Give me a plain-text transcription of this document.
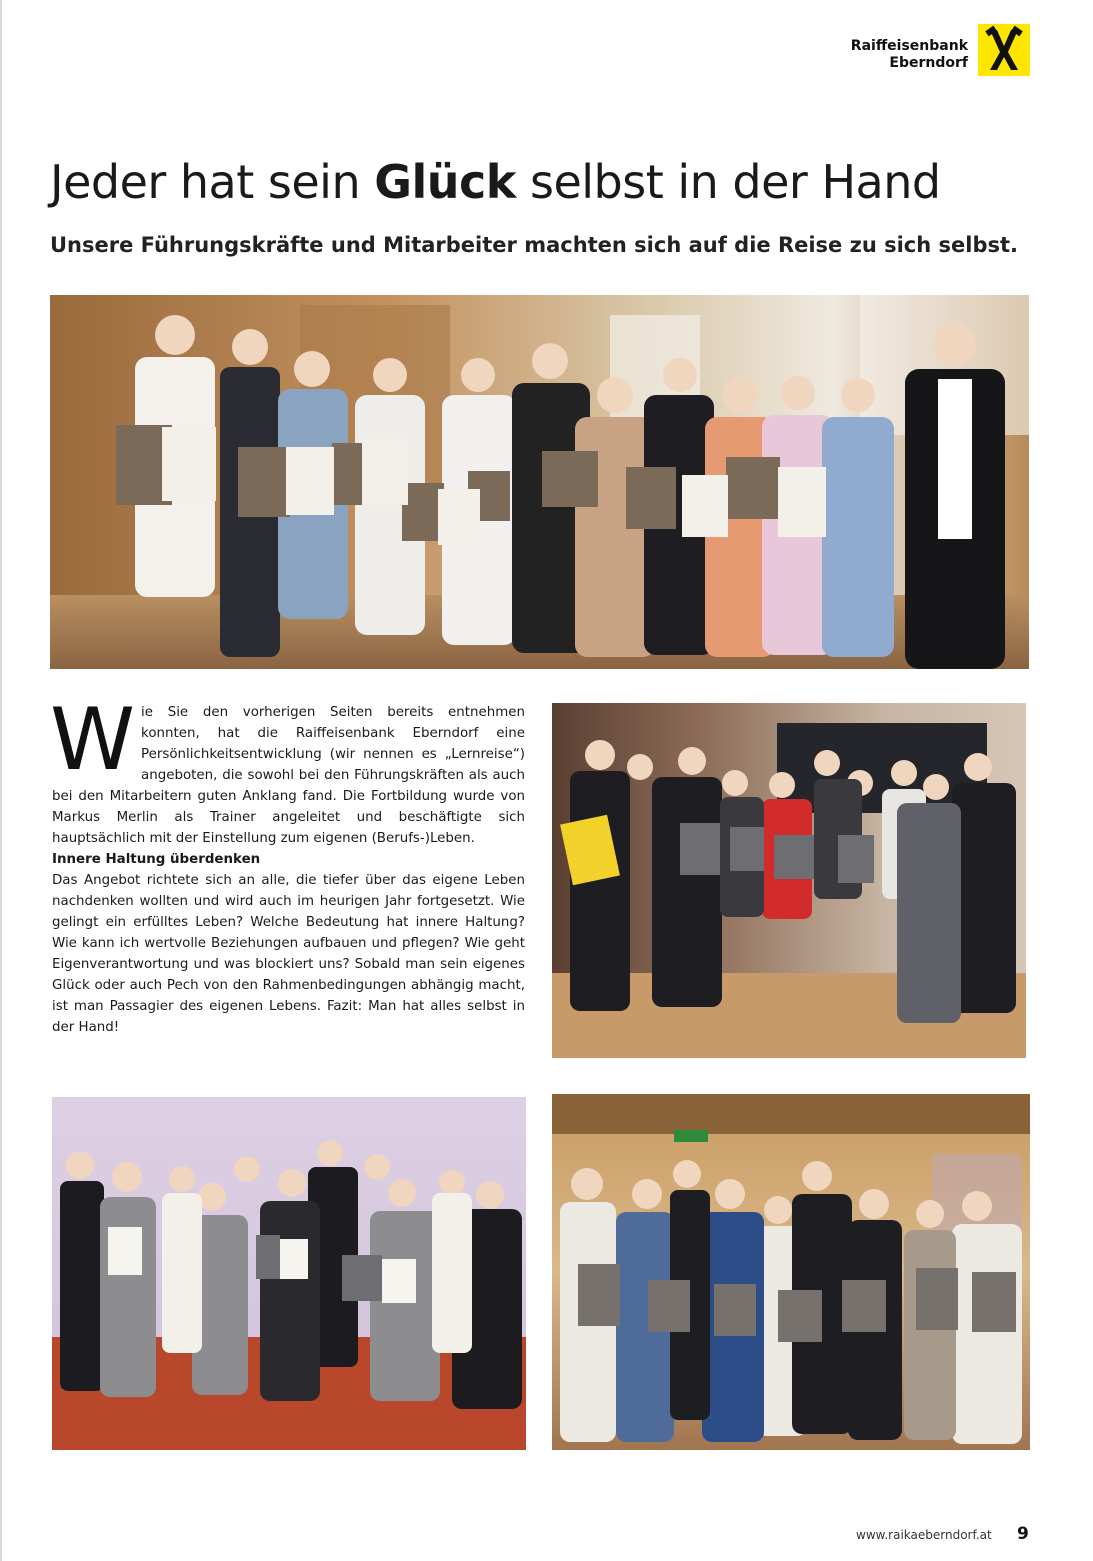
Raiffeisenbank
Eberndorf
Jeder hat sein Glück selbst in der Hand
Unsere Führungskräfte und Mitarbeiter machten sich auf die Reise zu sich selbst.
W ie Sie den vorherigen Seiten bereits entnehmen konnten, hat die Raiffeisenbank Eberndorf eine Persönlichkeitsentwicklung (wir nennen es „Lernreise“) angeboten, die sowohl bei den Führungskräften als auch bei den Mitarbeitern guten Anklang fand. Die Fortbildung wurde von Markus Merlin als Trainer angeleitet und beschäftigte sich hauptsächlich mit der Einstellung zum eigenen (Berufs-)Leben.

Innere Haltung überdenken

Das Angebot richtete sich an alle, die tiefer über das eigene Leben nachdenken wollten und wird auch im heurigen Jahr fortgesetzt. Wie gelingt ein erfülltes Leben? Welche Bedeutung hat innere Haltung? Wie kann ich wertvolle Beziehungen aufbauen und pflegen? Wie geht Eigenverantwortung und was blockiert uns? Sobald man sein eigenes Glück oder auch Pech von den Rahmenbedingungen abhängig macht, ist man Passagier des eigenen Lebens. Fazit: Man hat alles selbst in der Hand!

www.raikaeberndorf.at 9
